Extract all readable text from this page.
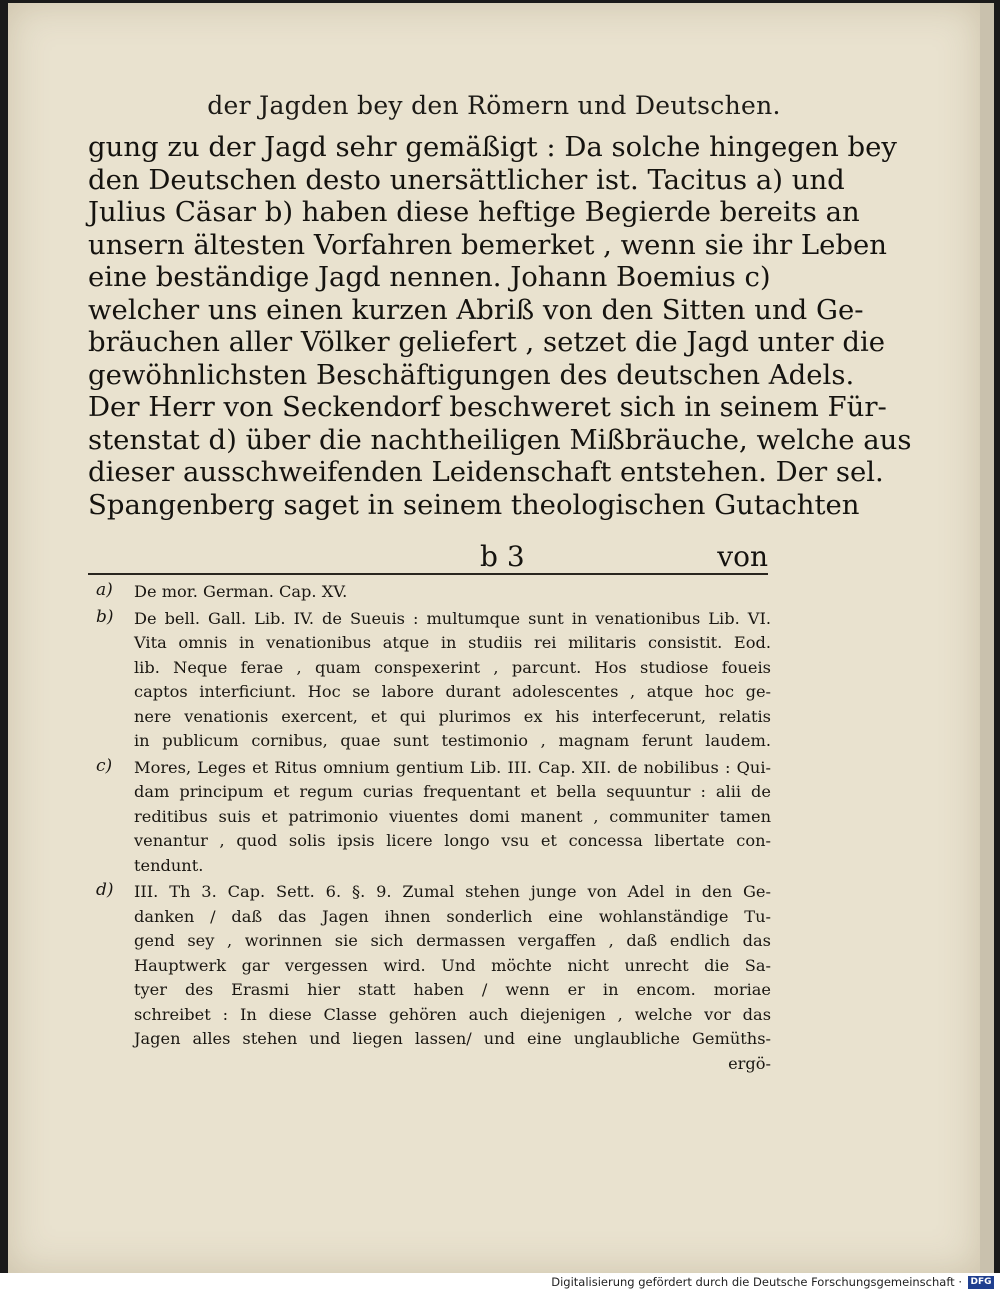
der Jagden bey den Römern und Deutschen.
gung zu der Jagd sehr gemäßigt : Da solche hingegen bey
den Deutschen desto unersättlicher ist. Tacitus a) und
Julius Cäsar b) haben diese heftige Begierde bereits an
unsern ältesten Vorfahren bemerket , wenn sie ihr Leben
eine beständige Jagd nennen. Johann Boemius c)
welcher uns einen kurzen Abriß von den Sitten und Ge-
bräuchen aller Völker geliefert , setzet die Jagd unter die
gewöhnlichsten Beschäftigungen des deutschen Adels.
Der Herr von Seckendorf beschweret sich in seinem Für-
stenstat d) über die nachtheiligen Mißbräuche, welche aus
dieser ausschweifenden Leidenschaft entstehen. Der sel.
Spangenberg saget in seinem theologischen Gutachten
b 3	von
a) De mor. German. Cap. XV.
b) De bell. Gall. Lib. IV. de Sueuis : multumque sunt in venationibus Lib. VI.
Vita omnis in venationibus atque in studiis rei militaris consistit. Eod.
lib. Neque ferae , quam conspexerint , parcunt. Hos studiose foueis
captos interficiunt. Hoc se labore durant adolescentes , atque hoc ge-
nere venationis exercent, et qui plurimos ex his interfecerunt, relatis
in publicum cornibus, quae sunt testimonio , magnam ferunt laudem.
c) Mores, Leges et Ritus omnium gentium Lib. III. Cap. XII. de nobilibus : Qui-
dam principum et regum curias frequentant et bella sequuntur : alii de
reditibus suis et patrimonio viuentes domi manent , communiter tamen
venantur , quod solis ipsis licere longo vsu et concessa libertate con-
tendunt.
d) III. Th 3. Cap. Sett. 6. §. 9. Zumal stehen junge von Adel in den Ge-
danken / daß das Jagen ihnen sonderlich eine wohlanständige Tu-
gend sey , worinnen sie sich dermassen vergaffen , daß endlich das
Hauptwerk gar vergessen wird. Und möchte nicht unrecht die Sa-
tyer des Erasmi hier statt haben / wenn er in encom. moriae
schreibet : In diese Classe gehören auch diejenigen , welche vor das
Jagen alles stehen und liegen lassen/ und eine unglaubliche Gemüths-
ergö-
Digitalisierung gefördert durch die Deutsche Forschungsgemeinschaft · DFG
